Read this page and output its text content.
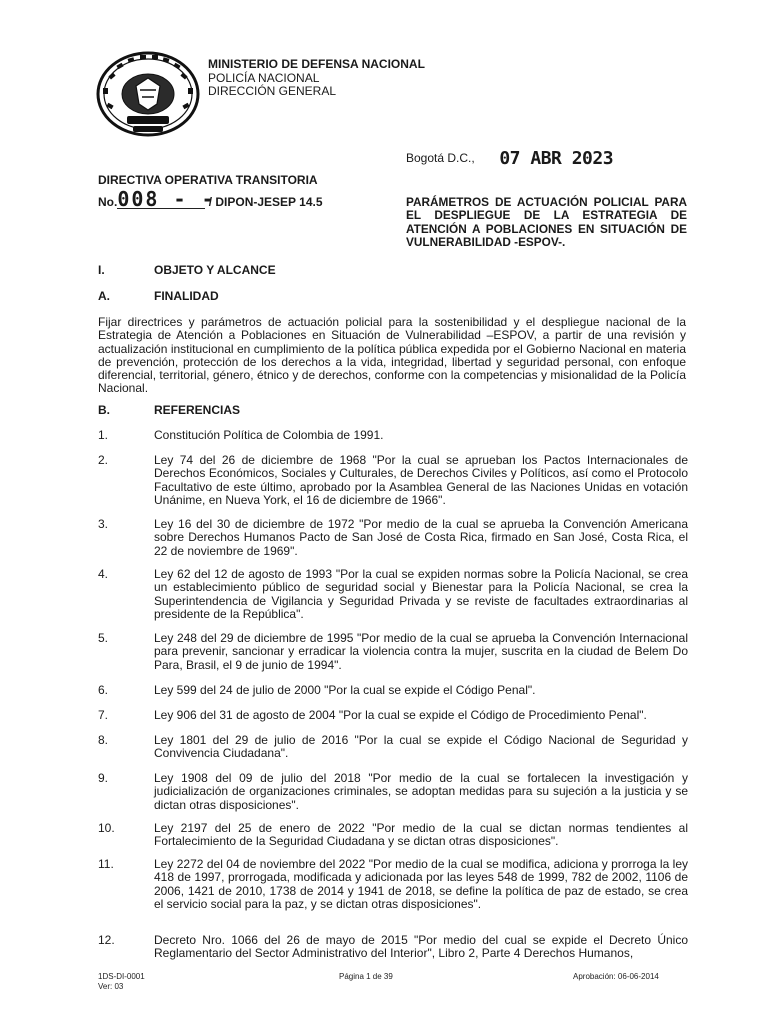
MINISTERIO DE DEFENSA NACIONAL
POLICÍA NACIONAL
DIRECCIÓN GENERAL
Bogotá D.C., 07 ABR 2023
DIRECTIVA OPERATIVA TRANSITORIA
No.008 - - / DIPON-JESEP 14.5	PARÁMETROS DE ACTUACIÓN POLICIAL PARA EL DESPLIEGUE DE LA ESTRATEGIA DE ATENCIÓN A POBLACIONES EN SITUACIÓN DE VULNERABILIDAD -ESPOV-.
I.	OBJETO Y ALCANCE
A.	FINALIDAD
Fijar directrices y parámetros de actuación policial para la sostenibilidad y el despliegue nacional de la Estrategia de Atención a Poblaciones en Situación de Vulnerabilidad –ESPOV, a partir de una revisión y actualización institucional en cumplimiento de la política pública expedida por el Gobierno Nacional en materia de prevención, protección de los derechos a la vida, integridad, libertad y seguridad personal, con enfoque diferencial, territorial, género, étnico y de derechos, conforme con la competencias y misionalidad de la Policía Nacional.
B.	REFERENCIAS
1.	Constitución Política de Colombia de 1991.
2.	Ley 74 del 26 de diciembre de 1968 "Por la cual se aprueban los Pactos Internacionales de Derechos Económicos, Sociales y Culturales, de Derechos Civiles y Políticos, así como el Protocolo Facultativo de este último, aprobado por la Asamblea General de las Naciones Unidas en votación Unánime, en Nueva York, el 16 de diciembre de 1966".
3.	Ley 16 del 30 de diciembre de 1972 "Por medio de la cual se aprueba la Convención Americana sobre Derechos Humanos Pacto de San José de Costa Rica, firmado en San José, Costa Rica, el 22 de noviembre de 1969".
4.	Ley 62 del 12 de agosto de 1993 "Por la cual se expiden normas sobre la Policía Nacional, se crea un establecimiento público de seguridad social y Bienestar para la Policía Nacional, se crea la Superintendencia de Vigilancia y Seguridad Privada y se reviste de facultades extraordinarias al presidente de la República".
5.	Ley 248 del 29 de diciembre de 1995 "Por medio de la cual se aprueba la Convención Internacional para prevenir, sancionar y erradicar la violencia contra la mujer, suscrita en la ciudad de Belem Do Para, Brasil, el 9 de junio de 1994".
6.	Ley 599 del 24 de julio de 2000 "Por la cual se expide el Código Penal".
7.	Ley 906 del 31 de agosto de 2004 "Por la cual se expide el Código de Procedimiento Penal".
8.	Ley 1801 del 29 de julio de 2016 "Por la cual se expide el Código Nacional de Seguridad y Convivencia Ciudadana".
9.	Ley 1908 del 09 de julio del 2018 "Por medio de la cual se fortalecen la investigación y judicialización de organizaciones criminales, se adoptan medidas para su sujeción a la justicia y se dictan otras disposiciones".
10.	Ley 2197 del 25 de enero de 2022 "Por medio de la cual se dictan normas tendientes al Fortalecimiento de la Seguridad Ciudadana y se dictan otras disposiciones".
11.	Ley 2272 del 04 de noviembre del 2022 "Por medio de la cual se modifica, adiciona y prorroga la ley 418 de 1997, prorrogada, modificada y adicionada por las leyes 548 de 1999, 782 de 2002, 1106 de 2006, 1421 de 2010, 1738 de 2014 y 1941 de 2018, se define la política de paz de estado, se crea el servicio social para la paz, y se dictan otras disposiciones".
12.	Decreto Nro. 1066 del 26 de mayo de 2015 "Por medio del cual se expide el Decreto Único Reglamentario del Sector Administrativo del Interior", Libro 2, Parte 4 Derechos Humanos,
1DS-DI-0001
Ver: 03
Página 1 de 39	Aprobación: 06-06-2014
